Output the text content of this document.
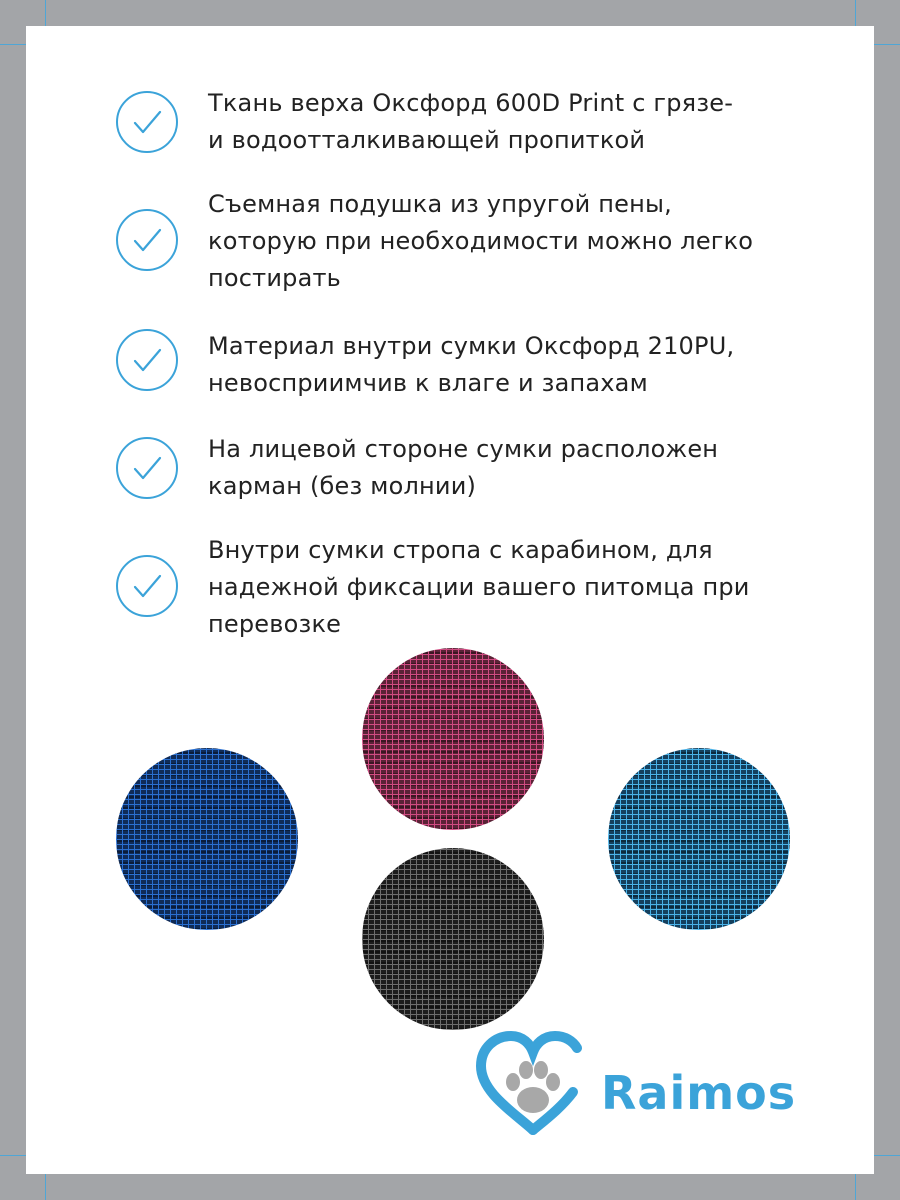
Ткань верха Оксфорд 600D Print с грязе-
и водоотталкивающей пропиткой
Съемная подушка из упругой пены,
которую при необходимости можно легко
постирать
Материал внутри сумки Оксфорд 210PU,
невосприимчив к влаге и запахам
На лицевой стороне сумки расположен
карман (без молнии)
Внутри сумки стропа с карабином, для
надежной фиксации вашего питомца при
перевозке
Raimos
